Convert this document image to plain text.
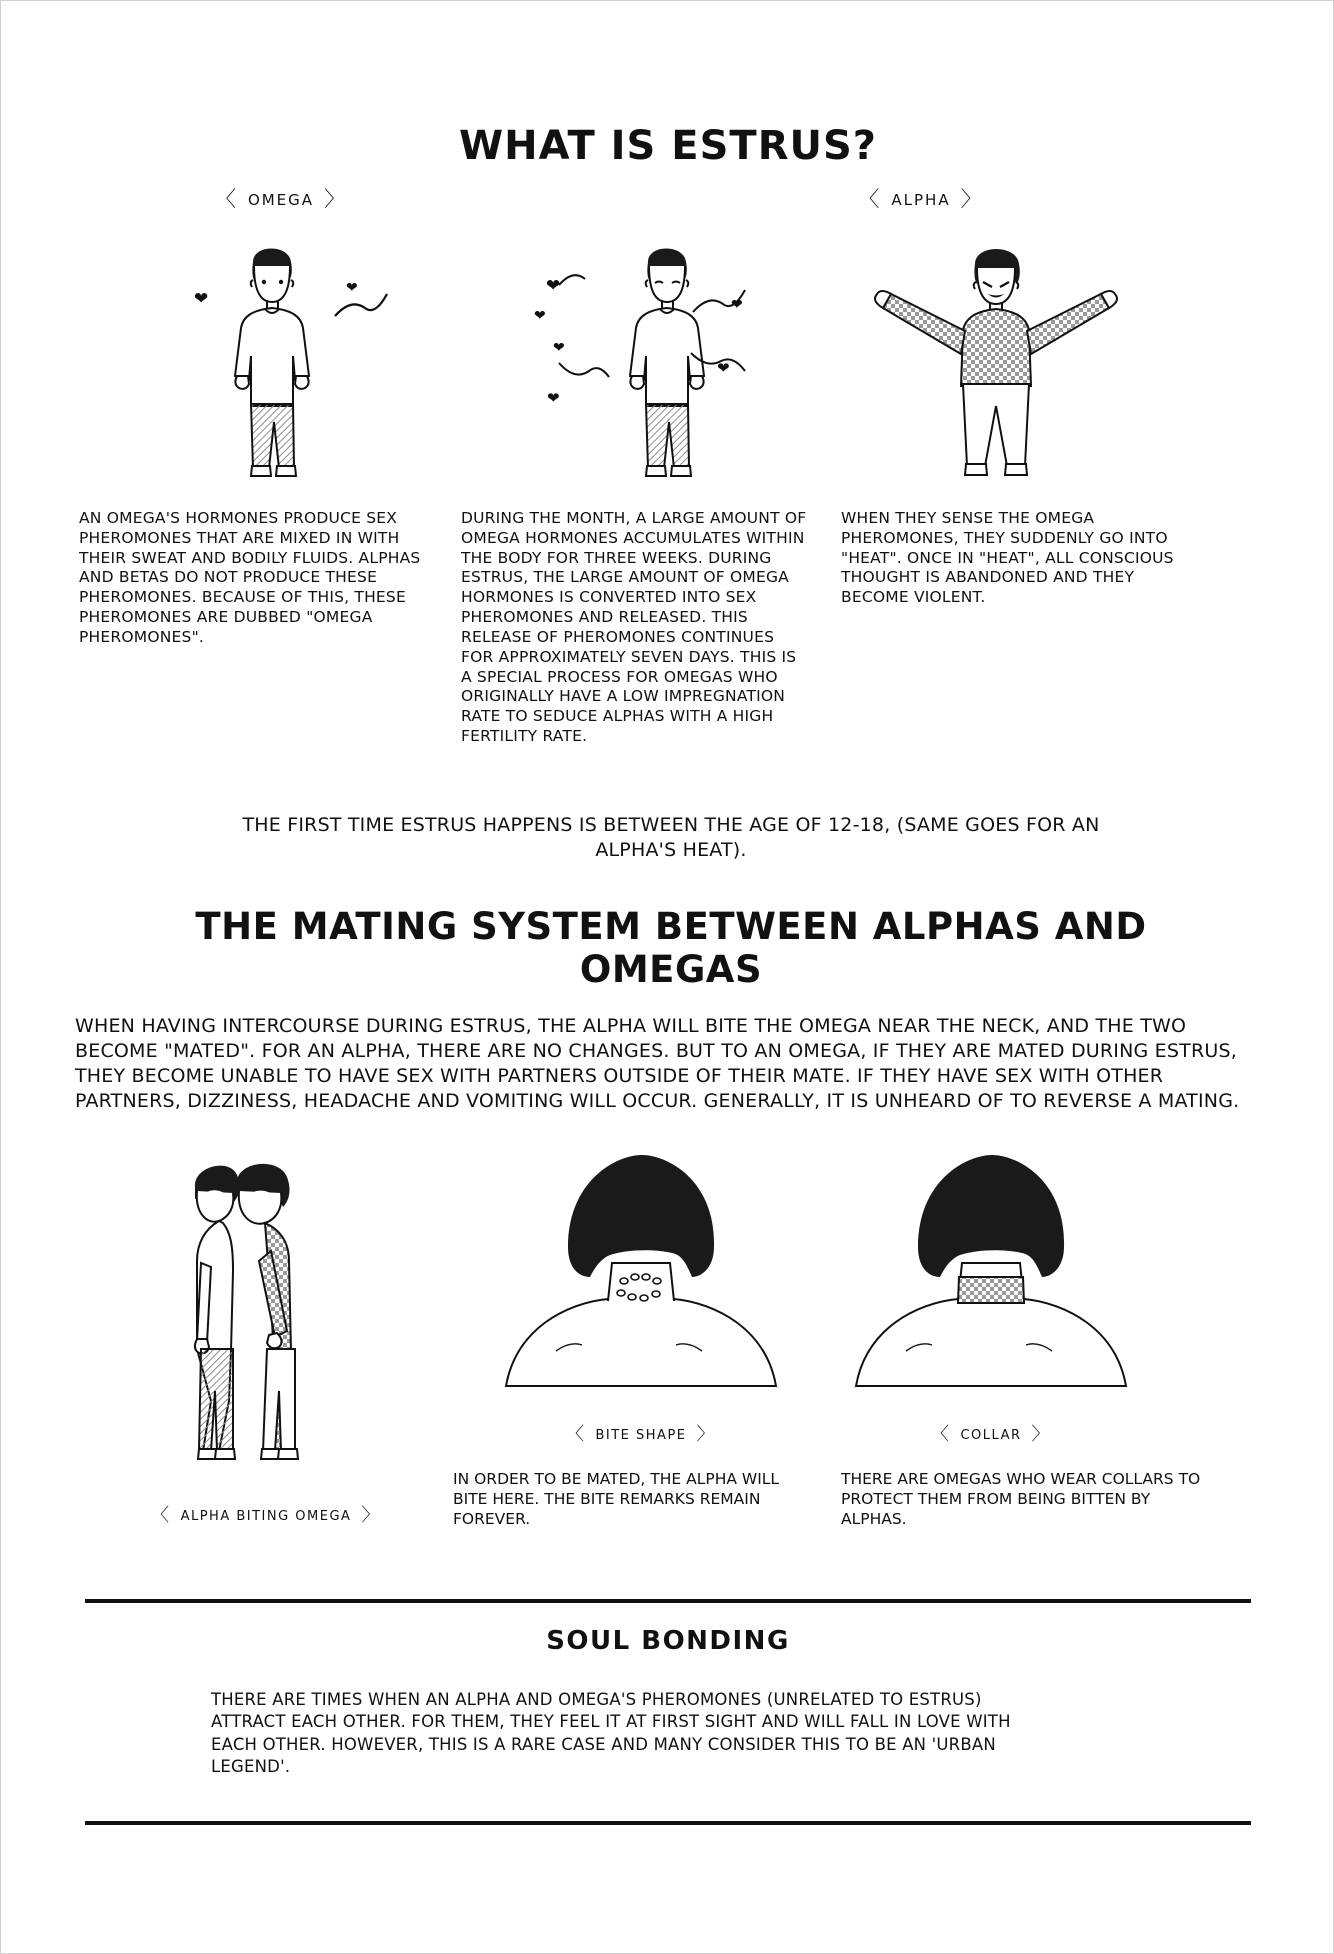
WHAT IS ESTRUS?
〈 OMEGA 〉	〈 ALPHA 〉
❤
❤	❤
❤
❤
❤
❤
❤
AN OMEGA'S HORMONES PRODUCE SEX PHEROMONES THAT ARE MIXED IN WITH THEIR SWEAT AND BODILY FLUIDS. ALPHAS AND BETAS DO NOT PRODUCE THESE PHEROMONES. BECAUSE OF THIS, THESE PHEROMONES ARE DUBBED "OMEGA PHEROMONES".
DURING THE MONTH, A LARGE AMOUNT OF OMEGA HORMONES ACCUMULATES WITHIN THE BODY FOR THREE WEEKS. DURING ESTRUS, THE LARGE AMOUNT OF OMEGA HORMONES IS CONVERTED INTO SEX PHEROMONES AND RELEASED. THIS RELEASE OF PHEROMONES CONTINUES FOR APPROXIMATELY SEVEN DAYS. THIS IS A SPECIAL PROCESS FOR OMEGAS WHO ORIGINALLY HAVE A LOW IMPREGNATION RATE TO SEDUCE ALPHAS WITH A HIGH FERTILITY RATE.
WHEN THEY SENSE THE OMEGA PHEROMONES, THEY SUDDENLY GO INTO "HEAT". ONCE IN "HEAT", ALL CONSCIOUS THOUGHT IS ABANDONED AND THEY BECOME VIOLENT.
THE FIRST TIME ESTRUS HAPPENS IS BETWEEN THE AGE OF 12-18, (SAME GOES FOR AN ALPHA'S HEAT).
THE MATING SYSTEM BETWEEN ALPHAS AND OMEGAS
WHEN HAVING INTERCOURSE DURING ESTRUS, THE ALPHA WILL BITE THE OMEGA NEAR THE NECK, AND THE TWO BECOME "MATED". FOR AN ALPHA, THERE ARE NO CHANGES. BUT TO AN OMEGA, IF THEY ARE MATED DURING ESTRUS, THEY BECOME UNABLE TO HAVE SEX WITH PARTNERS OUTSIDE OF THEIR MATE. IF THEY HAVE SEX WITH OTHER PARTNERS, DIZZINESS, HEADACHE AND VOMITING WILL OCCUR. GENERALLY, IT IS UNHEARD OF TO REVERSE A MATING.
〈 BITE SHAPE 〉	〈 COLLAR 〉
IN ORDER TO BE MATED, THE ALPHA WILL BITE HERE. THE BITE REMARKS REMAIN FOREVER.
THERE ARE OMEGAS WHO WEAR COLLARS TO PROTECT THEM FROM BEING BITTEN BY ALPHAS.
〈 ALPHA BITING OMEGA 〉
SOUL BONDING
THERE ARE TIMES WHEN AN ALPHA AND OMEGA'S PHEROMONES (UNRELATED TO ESTRUS) ATTRACT EACH OTHER. FOR THEM, THEY FEEL IT AT FIRST SIGHT AND WILL FALL IN LOVE WITH EACH OTHER. HOWEVER, THIS IS A RARE CASE AND MANY CONSIDER THIS TO BE AN 'URBAN LEGEND'.
